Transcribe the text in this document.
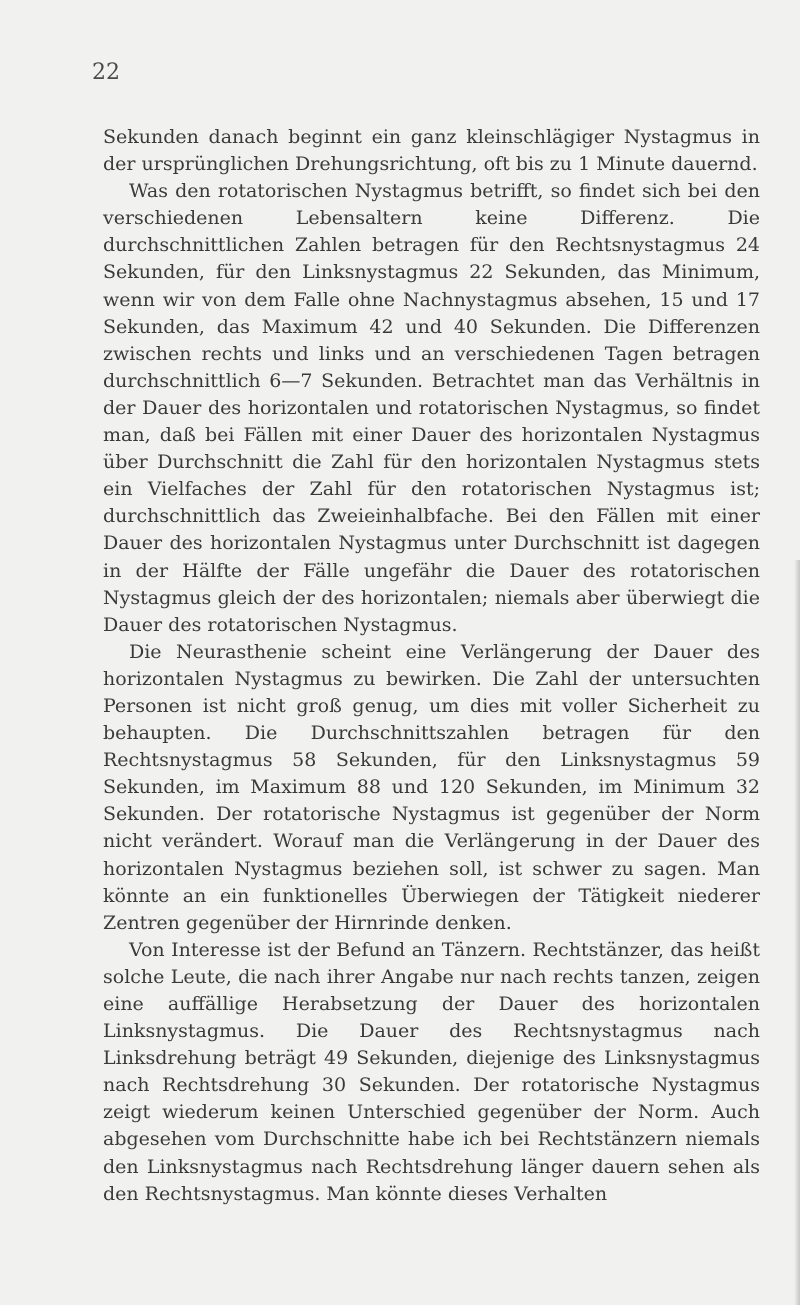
22

Sekunden danach beginnt ein ganz kleinschlägiger Nystagmus in der ursprünglichen Drehungsrichtung, oft bis zu 1 Minute dauernd.

Was den rotatorischen Nystagmus betrifft, so findet sich bei den verschiedenen Lebensaltern keine Differenz. Die durchschnittlichen Zahlen betragen für den Rechtsnystagmus 24 Sekunden, für den Linksnystagmus 22 Sekunden, das Minimum, wenn wir von dem Falle ohne Nachnystagmus absehen, 15 und 17 Sekunden, das Maximum 42 und 40 Sekunden. Die Differenzen zwischen rechts und links und an verschiedenen Tagen betragen durchschnittlich 6—7 Sekunden. Betrachtet man das Verhältnis in der Dauer des horizontalen und rotatorischen Nystagmus, so findet man, daß bei Fällen mit einer Dauer des horizontalen Nystagmus über Durchschnitt die Zahl für den horizontalen Nystagmus stets ein Vielfaches der Zahl für den rotatorischen Nystagmus ist; durchschnittlich das Zweieinhalbfache. Bei den Fällen mit einer Dauer des horizontalen Nystagmus unter Durchschnitt ist dagegen in der Hälfte der Fälle ungefähr die Dauer des rotatorischen Nystagmus gleich der des horizontalen; niemals aber überwiegt die Dauer des rotatorischen Nystagmus.

Die Neurasthenie scheint eine Verlängerung der Dauer des horizontalen Nystagmus zu bewirken. Die Zahl der untersuchten Personen ist nicht groß genug, um dies mit voller Sicherheit zu behaupten. Die Durchschnittszahlen betragen für den Rechtsnystagmus 58 Sekunden, für den Linksnystagmus 59 Sekunden, im Maximum 88 und 120 Sekunden, im Minimum 32 Sekunden. Der rotatorische Nystagmus ist gegenüber der Norm nicht verändert. Worauf man die Verlängerung in der Dauer des horizontalen Nystagmus beziehen soll, ist schwer zu sagen. Man könnte an ein funktionelles Überwiegen der Tätigkeit niederer Zentren gegenüber der Hirnrinde denken.

Von Interesse ist der Befund an Tänzern. Rechtstänzer, das heißt solche Leute, die nach ihrer Angabe nur nach rechts tanzen, zeigen eine auffällige Herabsetzung der Dauer des horizontalen Linksnystagmus. Die Dauer des Rechtsnystagmus nach Linksdrehung beträgt 49 Sekunden, diejenige des Linksnystagmus nach Rechtsdrehung 30 Sekunden. Der rotatorische Nystagmus zeigt wiederum keinen Unterschied gegenüber der Norm. Auch abgesehen vom Durchschnitte habe ich bei Rechtstänzern niemals den Linksnystagmus nach Rechtsdrehung länger dauern sehen als den Rechtsnystagmus. Man könnte dieses Verhalten
